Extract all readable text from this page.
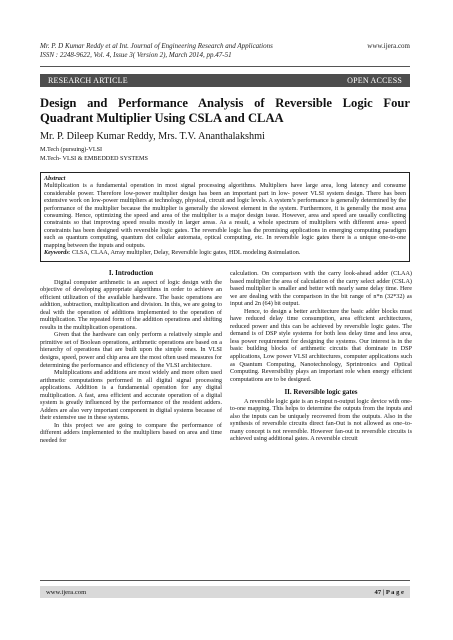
Mr. P. D Kumar Reddy et al Int. Journal of Engineering Research and Applications	www.ijera.com
ISSN : 2248-9622, Vol. 4, Issue 3( Version 2), March 2014, pp.47-51
RESEARCH ARTICLE	OPEN ACCESS
Design and Performance Analysis of Reversible Logic Four Quadrant Multiplier Using CSLA and CLAA
Mr. P. Dileep Kumar Reddy, Mrs. T.V. Ananthalakshmi
M.Tech (pursuing)-VLSI
M.Tech- VLSI & EMBEDDED SYSTEMS
Abstract
Multiplication is a fundamental operation in most signal processing algorithms. Multipliers have large area, long latency and consume considerable power. Therefore low-power multiplier design has been an important part in low- power VLSI system design. There has been extensive work on low-power multipliers at technology, physical, circuit and logic levels. A system’s performance is generally determined by the performance of the multiplier because the multiplier is generally the slowest element in the system. Furthermore, it is generally the most area consuming. Hence, optimizing the speed and area of the multiplier is a major design issue. However, area and speed are usually conflicting constraints so that improving speed results mostly in larger areas. As a result, a whole spectrum of multipliers with different area- speed constraints has been designed with reversible logic gates. The reversible logic has the promising applications in emerging computing paradigm such as quantum computing, quantum dot cellular automata, optical computing, etc. In reversible logic gates there is a unique one-to-one mapping between the inputs and outputs.
Keywords: CLSA, CLAA, Array multiplier, Delay, Reversible logic gates, HDL modeling &simulation.
I. Introduction

Digital computer arithmetic is an aspect of logic design with the objective of developing appropriate algorithms in order to achieve an efficient utilization of the available hardware. The basic operations are addition, subtraction, multiplication and division. In this, we are going to deal with the operation of additions implemented to the operation of multiplication. The repeated form of the addition operations and shifting results in the multiplication operations.

Given that the hardware can only perform a relatively simple and primitive set of Boolean operations, arithmetic operations are based on a hierarchy of operations that are built upon the simple ones. In VLSI designs, speed, power and chip area are the most often used measures for determining the performance and efficiency of the VLSI architecture.

Multiplications and additions are most widely and more often used arithmetic computations performed in all digital signal processing applications. Addition is a fundamental operation for any digital multiplication. A fast, area efficient and accurate operation of a digital system is greatly influenced by the performance of the resident adders. Adders are also very important component in digital systems because of their extensive use in these systems.

In this project we are going to compare the performance of different adders implemented to the multipliers based on area and time needed for

calculation. On comparison with the carry look-ahead adder (CLAA) based multiplier the area of calculation of the carry select adder (CSLA) based multiplier is smaller and better with nearly same delay time. Here we are dealing with the comparison in the bit range of n*n (32*32) as input and 2n (64) bit output.

Hence, to design a better architecture the basic adder blocks must have reduced delay time consumption, area efficient architectures, reduced power and this can be achieved by reversible logic gates. The demand is of DSP style systems for both less delay time and less area, less power requirement for designing the systems. Our interest is in the basic building blocks of arithmetic circuits that dominate in DSP applications, Low power VLSI architectures, computer applications such as Quantum Computing, Nanotechnology, Sprintronics and Optical Computing. Reversibility plays an important role when energy efficient computations are to be designed.

II. Reversible logic gates

A reversible logic gate is an n-input n-output logic device with one-to-one mapping. This helps to determine the outputs from the inputs and also the inputs can be uniquely recovered from the outputs. Also in the synthesis of reversible circuits direct fan-Out is not allowed as one–to-many concept is not reversible. However fan-out in reversible circuits is achieved using additional gates. A reversible circuit

www.ijera.com	47 | P a g e
